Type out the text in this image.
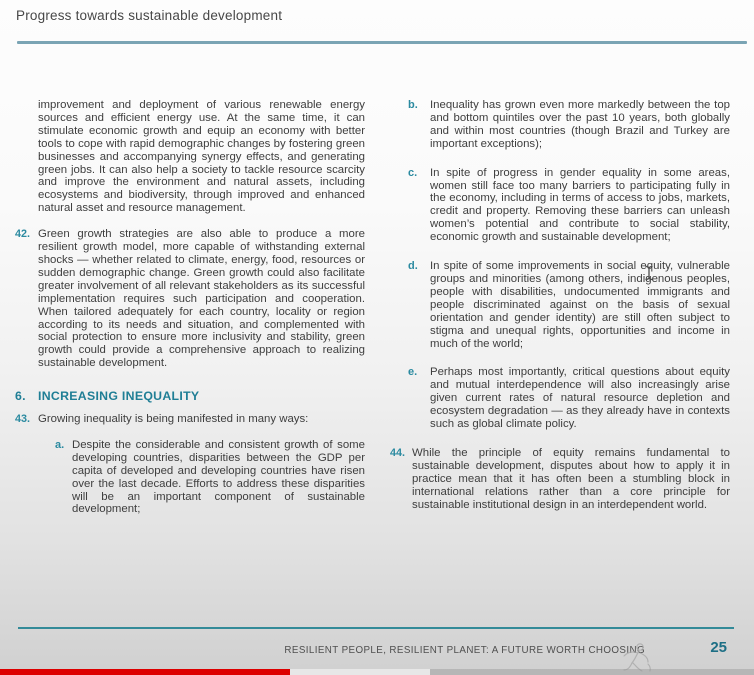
Progress towards sustainable development

improvement and deployment of various renewable energy sources and efficient energy use. At the same time, it can stimulate economic growth and equip an economy with better tools to cope with rapid demographic changes by fostering green businesses and accompanying synergy effects, and generating green jobs. It can also help a society to tackle resource scarcity and improve the environment and natural assets, including ecosystems and biodiversity, through improved and enhanced natural asset and resource management.

42. Green growth strategies are also able to produce a more resilient growth model, more capable of withstanding external shocks — whether related to climate, energy, food, resources or sudden demographic change. Green growth could also facilitate greater involvement of all relevant stakeholders as its successful implementation requires such participation and cooperation. When tailored adequately for each country, locality or region according to its needs and situation, and complemented with social protection to ensure more inclusivity and stability, green growth could provide a comprehensive approach to realizing sustainable development.

6. INCREASING INEQUALITY

43. Growing inequality is being manifested in many ways:

a. Despite the considerable and consistent growth of some developing countries, disparities between the GDP per capita of developed and developing countries have risen over the last decade. Efforts to address these disparities will be an important component of sustainable development;

b. Inequality has grown even more markedly between the top and bottom quintiles over the past 10 years, both globally and within most countries (though Brazil and Turkey are important exceptions);

c. In spite of progress in gender equality in some areas, women still face too many barriers to participating fully in the economy, including in terms of access to jobs, markets, credit and property. Removing these barriers can unleash women’s potential and contribute to social stability, economic growth and sustainable development;

d. In spite of some improvements in social equity, vulnerable groups and minorities (among others, indigenous peoples, people with disabilities, undocumented immigrants and people discriminated against on the basis of sexual orientation and gender identity) are still often subject to stigma and unequal rights, opportunities and income in much of the world;

e. Perhaps most importantly, critical questions about equity and mutual interdependence will also increasingly arise given current rates of natural resource depletion and ecosystem degradation — as they already have in contexts such as global climate policy.

44. While the principle of equity remains fundamental to sustainable development, disputes about how to apply it in practice mean that it has often been a stumbling block in international relations rather than a core principle for sustainable institutional design in an interdependent world.

RESILIENT PEOPLE, RESILIENT PLANET: A FUTURE WORTH CHOOSING	25
